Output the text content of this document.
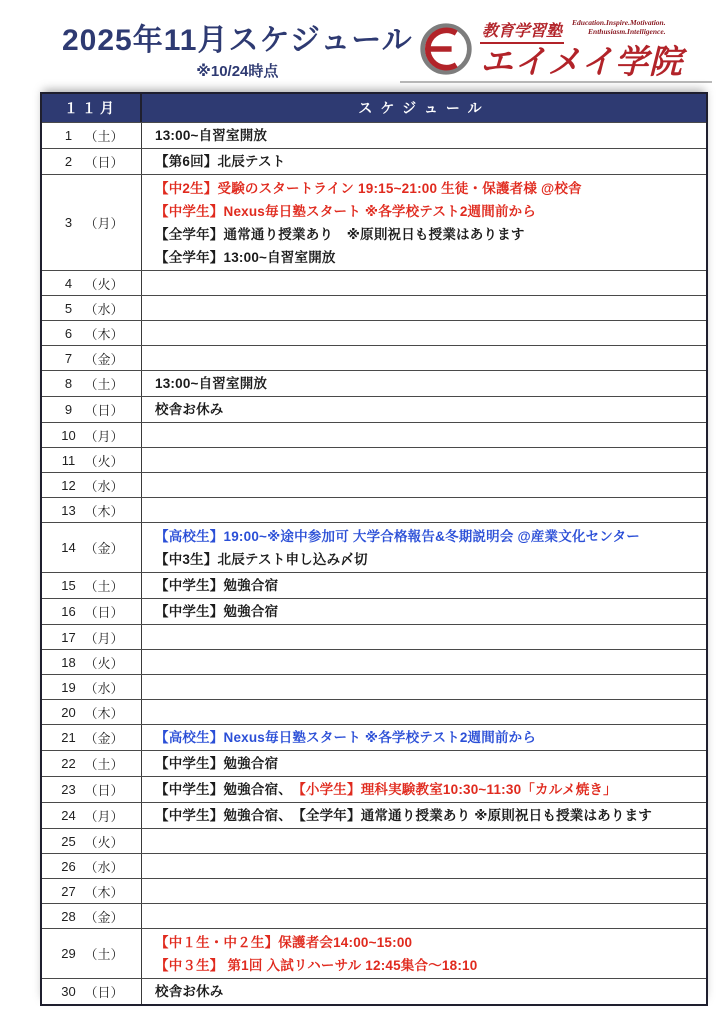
2025年11月スケジュール
※10/24時点
教育学習塾
Education.Inspire.Motivation.
Enthusiasm.Intelligence.
エイメイ学院
１１月	スケジュール
1 （土） 13:00~自習室開放
2 （日） 【第6回】北辰テスト
3 （月）
【中2生】受験のスタートライン 19:15~21:00 生徒・保護者様 @校舎
【中学生】Nexus毎日塾スタート ※各学校テスト2週間前から
【全学年】通常通り授業あり　※原則祝日も授業はあります
【全学年】13:00~自習室開放
4 （火）
5 （水）
6 （木）
7 （金）
8 （土） 13:00~自習室開放
9 （日） 校舎お休み
10 （月）
11 （火）
12 （水）
13 （木）
14 （金）
【高校生】19:00~※途中参加可 大学合格報告&冬期説明会 @産業文化センター
【中3生】北辰テスト申し込み〆切
15 （土） 【中学生】勉強合宿
16 （日） 【中学生】勉強合宿
17 （月）
18 （火）
19 （水）
20 （木）
21 （金） 【高校生】Nexus毎日塾スタート ※各学校テスト2週間前から
22 （土） 【中学生】勉強合宿
23 （日） 【中学生】勉強合宿、　【小学生】理科実験教室10:30~11:30「カルメ焼き」
24 （月） 【中学生】勉強合宿、　【全学年】通常通り授業あり ※原則祝日も授業はあります
25 （火）
26 （水）
27 （木）
28 （金）
29 （土）
【中１生・中２生】保護者会14:00~15:00
【中３生】 第1回 入試リハーサル 12:45集合～18:10
30 （日） 校舎お休み
